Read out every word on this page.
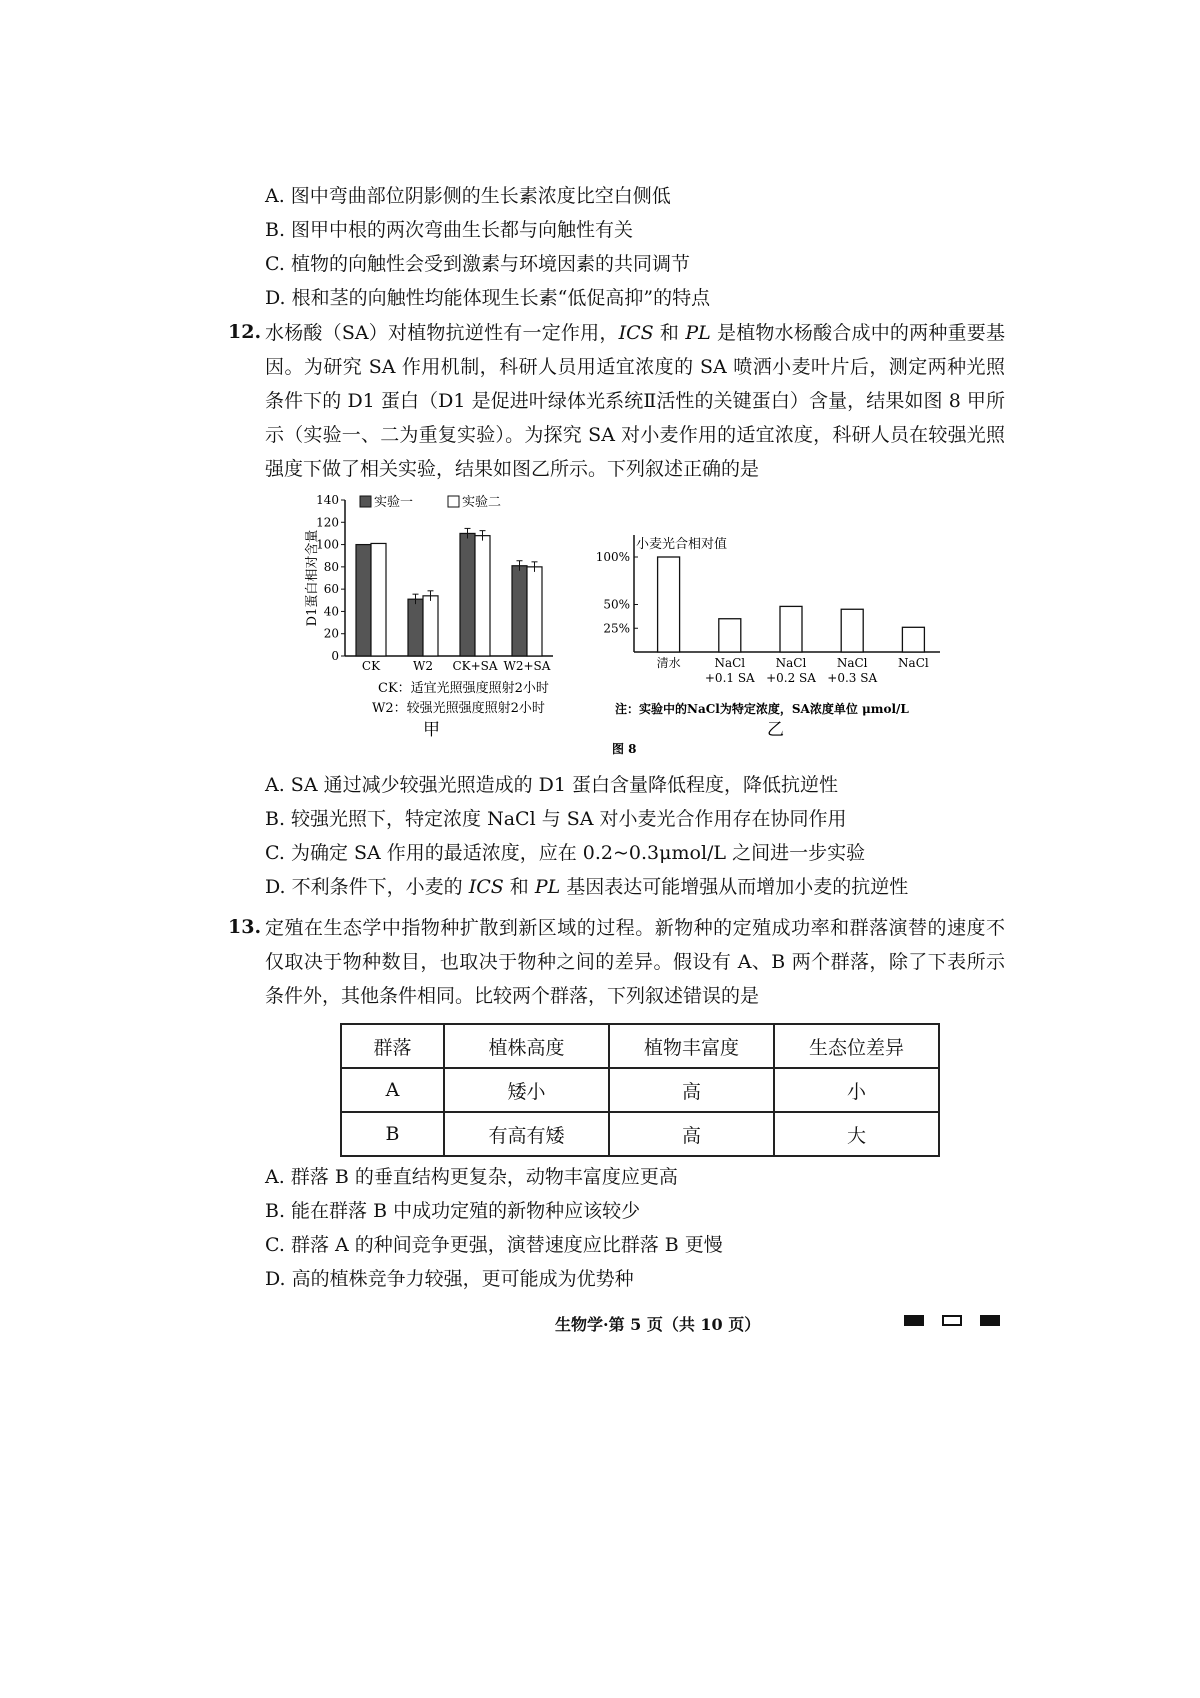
A. 图中弯曲部位阴影侧的生长素浓度比空白侧低
B. 图甲中根的两次弯曲生长都与向触性有关
C. 植物的向触性会受到激素与环境因素的共同调节
D. 根和茎的向触性均能体现生长素“低促高抑”的特点
12. 水杨酸（SA）对植物抗逆性有一定作用，ICS 和 PL 是植物水杨酸合成中的两种重要基因。为研究 SA 作用机制，科研人员用适宜浓度的 SA 喷洒小麦叶片后，测定两种光照条件下的 D1 蛋白（D1 是促进叶绿体光系统Ⅱ活性的关键蛋白）含量，结果如图 8 甲所示（实验一、二为重复实验）。为探究 SA 对小麦作用的适宜浓度，科研人员在较强光照强度下做了相关实验，结果如图乙所示。下列叙述正确的是
0
20
40
60
80
100
120
140
D1蛋白相对含量
CK	W2 CK+SA W2+SA
实验一	实验二
25%
50%
100%
小麦光合相对值
清水	NaCl
+0.1 SA
NaCl
+0.2 SA
NaCl
+0.3 SA
NaCl
CK：适宜光照强度照射2小时
W2：较强光照强度照射2小时
甲
注：实验中的NaCl为特定浓度，SA浓度单位 μmol/L
乙
图 8
A. SA 通过减少较强光照造成的 D1 蛋白含量降低程度，降低抗逆性
B. 较强光照下，特定浓度 NaCl 与 SA 对小麦光合作用存在协同作用
C. 为确定 SA 作用的最适浓度，应在 0.2~0.3μmol/L 之间进一步实验
D. 不利条件下，小麦的 ICS 和 PL 基因表达可能增强从而增加小麦的抗逆性
13. 定殖在生态学中指物种扩散到新区域的过程。新物种的定殖成功率和群落演替的速度不仅取决于物种数目，也取决于物种之间的差异。假设有 A、B 两个群落，除了下表所示条件外，其他条件相同。比较两个群落，下列叙述错误的是
群落	植株高度	植物丰富度	生态位差异
A	矮小	高	小
B	有高有矮	高	大
A. 群落 B 的垂直结构更复杂，动物丰富度应更高
B. 能在群落 B 中成功定殖的新物种应该较少
C. 群落 A 的种间竞争更强，演替速度应比群落 B 更慢
D. 高的植株竞争力较强，更可能成为优势种
生物学·第 5 页（共 10 页）
